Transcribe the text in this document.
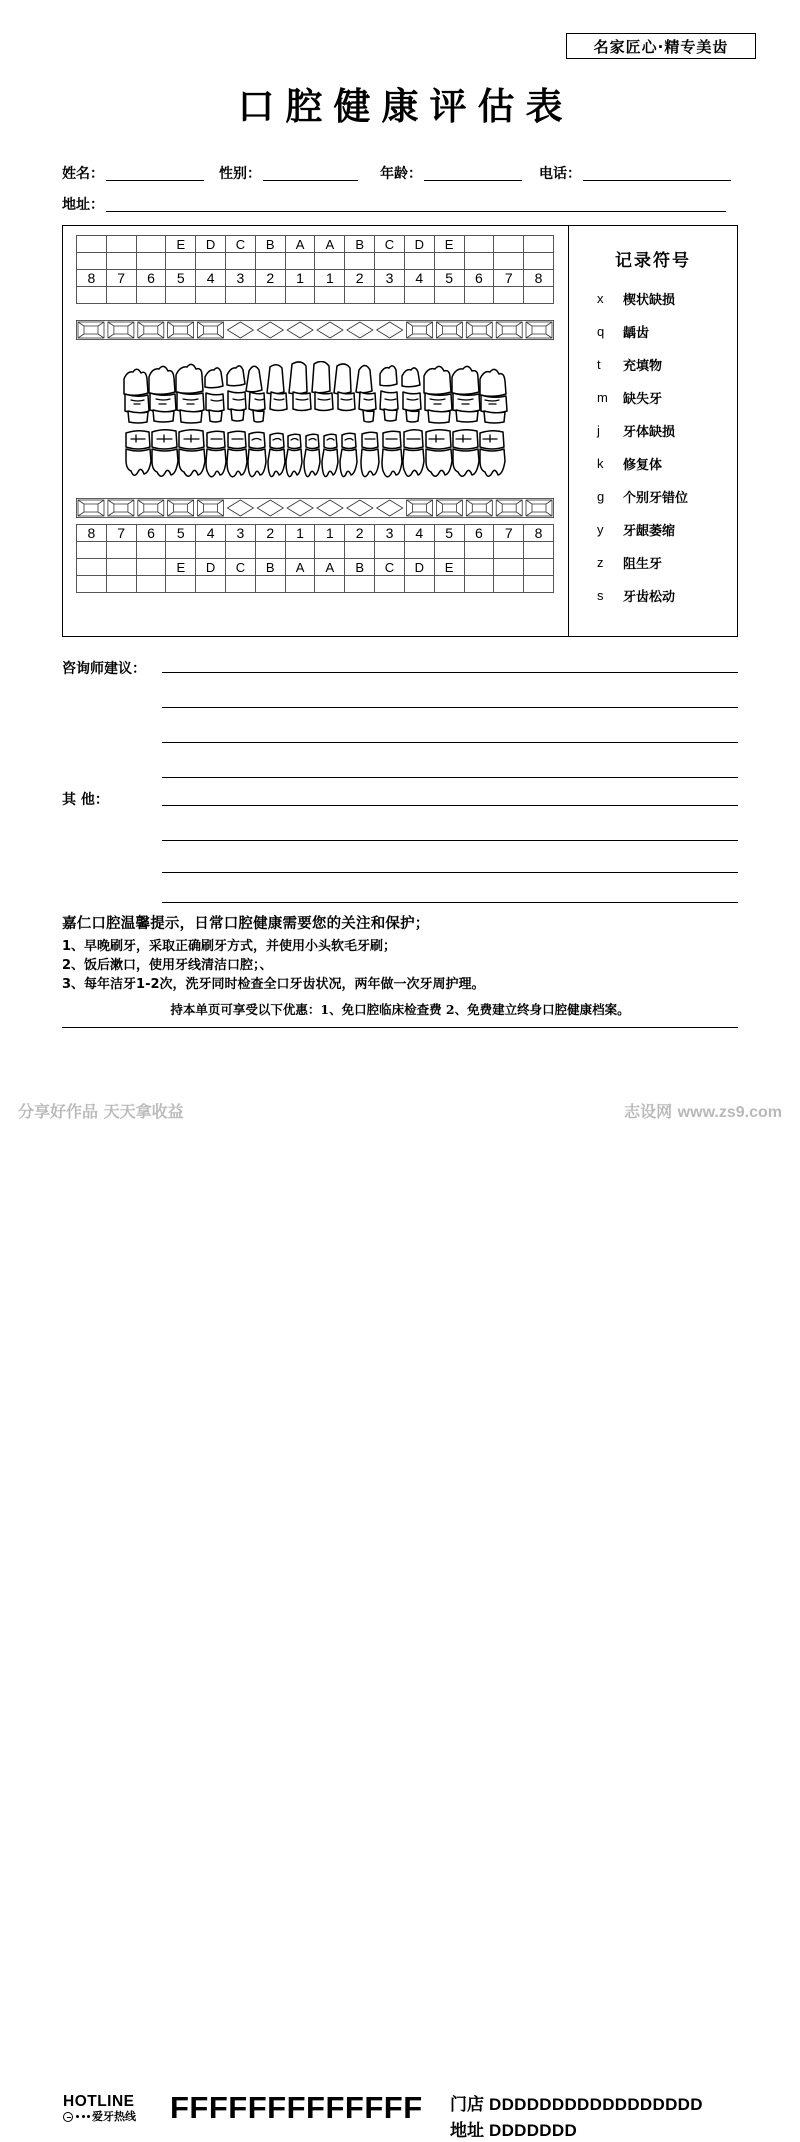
名家匠心·精专美齿
口腔健康评估表
姓名：	性别：	年龄：	电话：
地址：
			E	D	C	B	A	A	B	C	D	E			

8	7	6	5	4	3	2	1	1	2	3	4	5	6	7	8

8	7	6	5	4	3	2	1	1	2	3	4	5	6	7	8

			E	D	C	B	A	A	B	C	D	E			

记录符号
x	楔状缺损
q	龋齿
t	充填物
m	缺失牙
j	牙体缺损
k	修复体
g	个别牙错位
y	牙龈萎缩
z	阻生牙
s	牙齿松动
咨询师建议：
其 他：
嘉仁口腔温馨提示，日常口腔健康需要您的关注和保护；
1、早晚刷牙，采取正确刷牙方式，并使用小头软毛牙刷；
2、饭后漱口，使用牙线清洁口腔；、
3、每年洁牙1-2次，洗牙同时检查全口牙齿状况，两年做一次牙周护理。
持本单页可享受以下优惠：1、免口腔临床检查费 2、免费建立终身口腔健康档案。
HOTLINE
爱牙热线 FFFFFFFFFFFFF 门店 DDDDDDDDDDDDDDDDD
地址 DDDDDDD
分享好作品 天天拿收益	志设网 www.zs9.com
